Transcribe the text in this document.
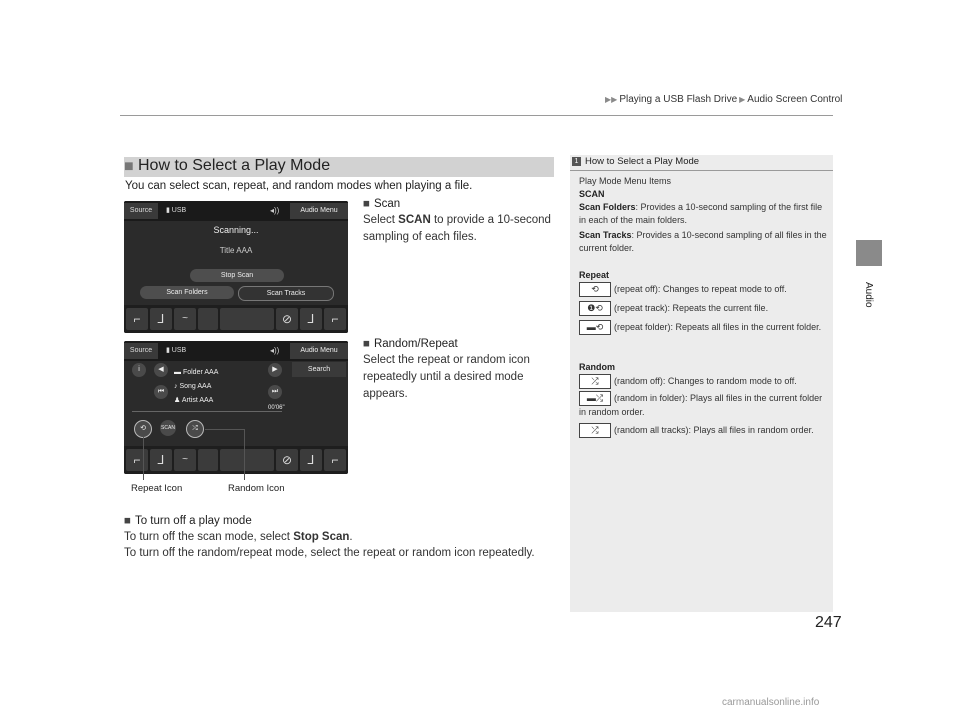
▶▶ Playing a USB Flash Drive ▶ Audio Screen Control
Audio
■ How to Select a Play Mode
You can select scan, repeat, and random modes when playing a file.
Source	▮ USB	◂))	Audio Menu
Scanning...
Title AAA
Stop Scan
Scan Folders	Scan Tracks
⌐	⅃	~	⊘	⅃	⌐
Source	▮ USB	◂))	Audio Menu
Search
i	◀	▶
⏮	⏭
▬ Folder AAA
♪ Song AAA
♟ Artist AAA
00'06"
⟲	SCAN	⤮
⌐	⅃	~	⊘	⅃	⌐
Repeat Icon	Random Icon
■ Scan
Select SCAN to provide a 10-second sampling of each files.
■ Random/Repeat
Select the repeat or random icon repeatedly until a desired mode appears.
■ To turn off a play mode
To turn off the scan mode, select Stop Scan.
To turn off the random/repeat mode, select the repeat or random icon repeatedly.
1 How to Select a Play Mode
Play Mode Menu Items
SCAN
Scan Folders: Provides a 10-second sampling of the first file in each of the main folders.
Scan Tracks: Provides a 10-second sampling of all files in the current folder.
Repeat
⟲ (repeat off): Changes to repeat mode to off.
❶⟲ (repeat track): Repeats the current file.
▬⟲ (repeat folder): Repeats all files in the current folder.
Random
⤮ (random off): Changes to random mode to off.
▬⤮ (random in folder): Plays all files in the current folder in random order.
⤮ (random all tracks): Plays all files in random order.
247
carmanualsonline.info
